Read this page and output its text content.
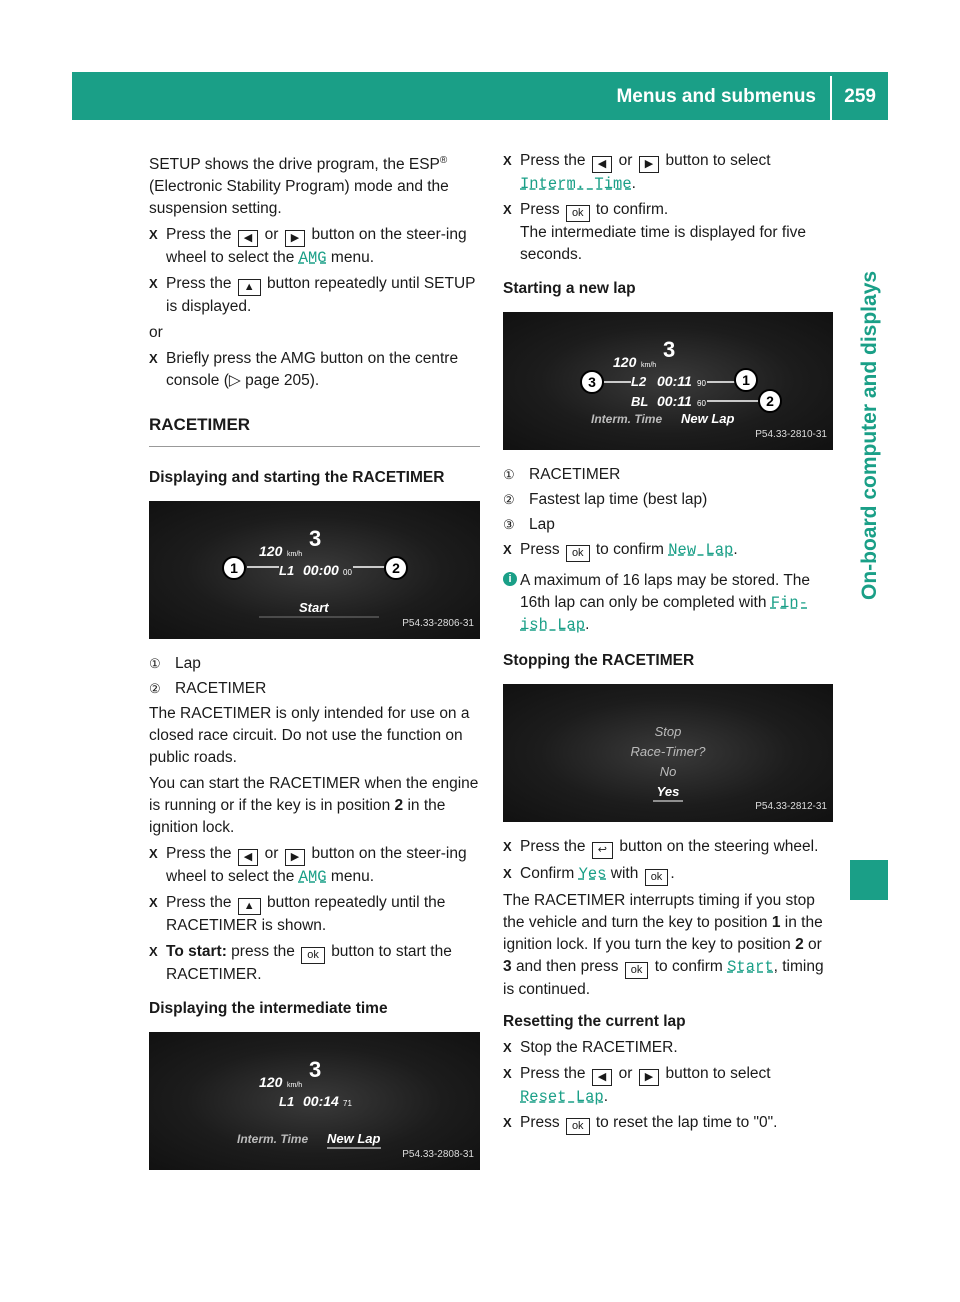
Menus and submenus 259
On-board computer and displays

SETUP shows the drive program, the ESP® (Electronic Stability Program) mode and the suspension setting.

X Press the ◀ or ▶ button on the steer-ing wheel to select the AMG menu.
X Press the ▲ button repeatedly until SETUP is displayed.

or

X Briefly press the AMG button on the centre console (▷ page 205).
RACETIMER
Displaying and starting the RACETIMER
120 km/h
3
L1 00:00 00
1	2
Start
P54.33-2806-31
① Lap
② RACETIMER

The RACETIMER is only intended for use on a closed race circuit. Do not use the function on public roads.

You can start the RACETIMER when the engine is running or if the key is in position 2 in the ignition lock.

X Press the ◀ or ▶ button on the steer-ing wheel to select the AMG menu.
X Press the ▲ button repeatedly until the RACETIMER is shown.
X To start: press the ok button to start the RACETIMER.
Displaying the intermediate time
120 km/h
3
L1 00:14 71
Interm. Time New Lap
P54.33-2808-31
X Press the ◀ or ▶ button to select
Interm. Time.
X Press ok to confirm.
The intermediate time is displayed for five seconds.
Starting a new lap
120 km/h
3
L2 00:11 90
BL 00:11 60
3	1
2
Interm. Time New Lap
P54.33-2810-31
① RACETIMER
② Fastest lap time (best lap)
③ Lap
X Press ok to confirm New Lap.
i A maximum of 16 laps may be stored. The 16th lap can only be completed with Fin-ish Lap.
Stopping the RACETIMER
Stop
Race-Timer?
No
Yes
P54.33-2812-31
X Press the ↩ button on the steering wheel.
X Confirm Yes with ok .

The RACETIMER interrupts timing if you stop the vehicle and turn the key to position 1 in the ignition lock. If you turn the key to position 2 or 3 and then press ok to confirm Start, timing is continued.

Resetting the current lap
X Stop the RACETIMER.
X Press the ◀ or ▶ button to select
Reset Lap.
X Press ok to reset the lap time to "0".
